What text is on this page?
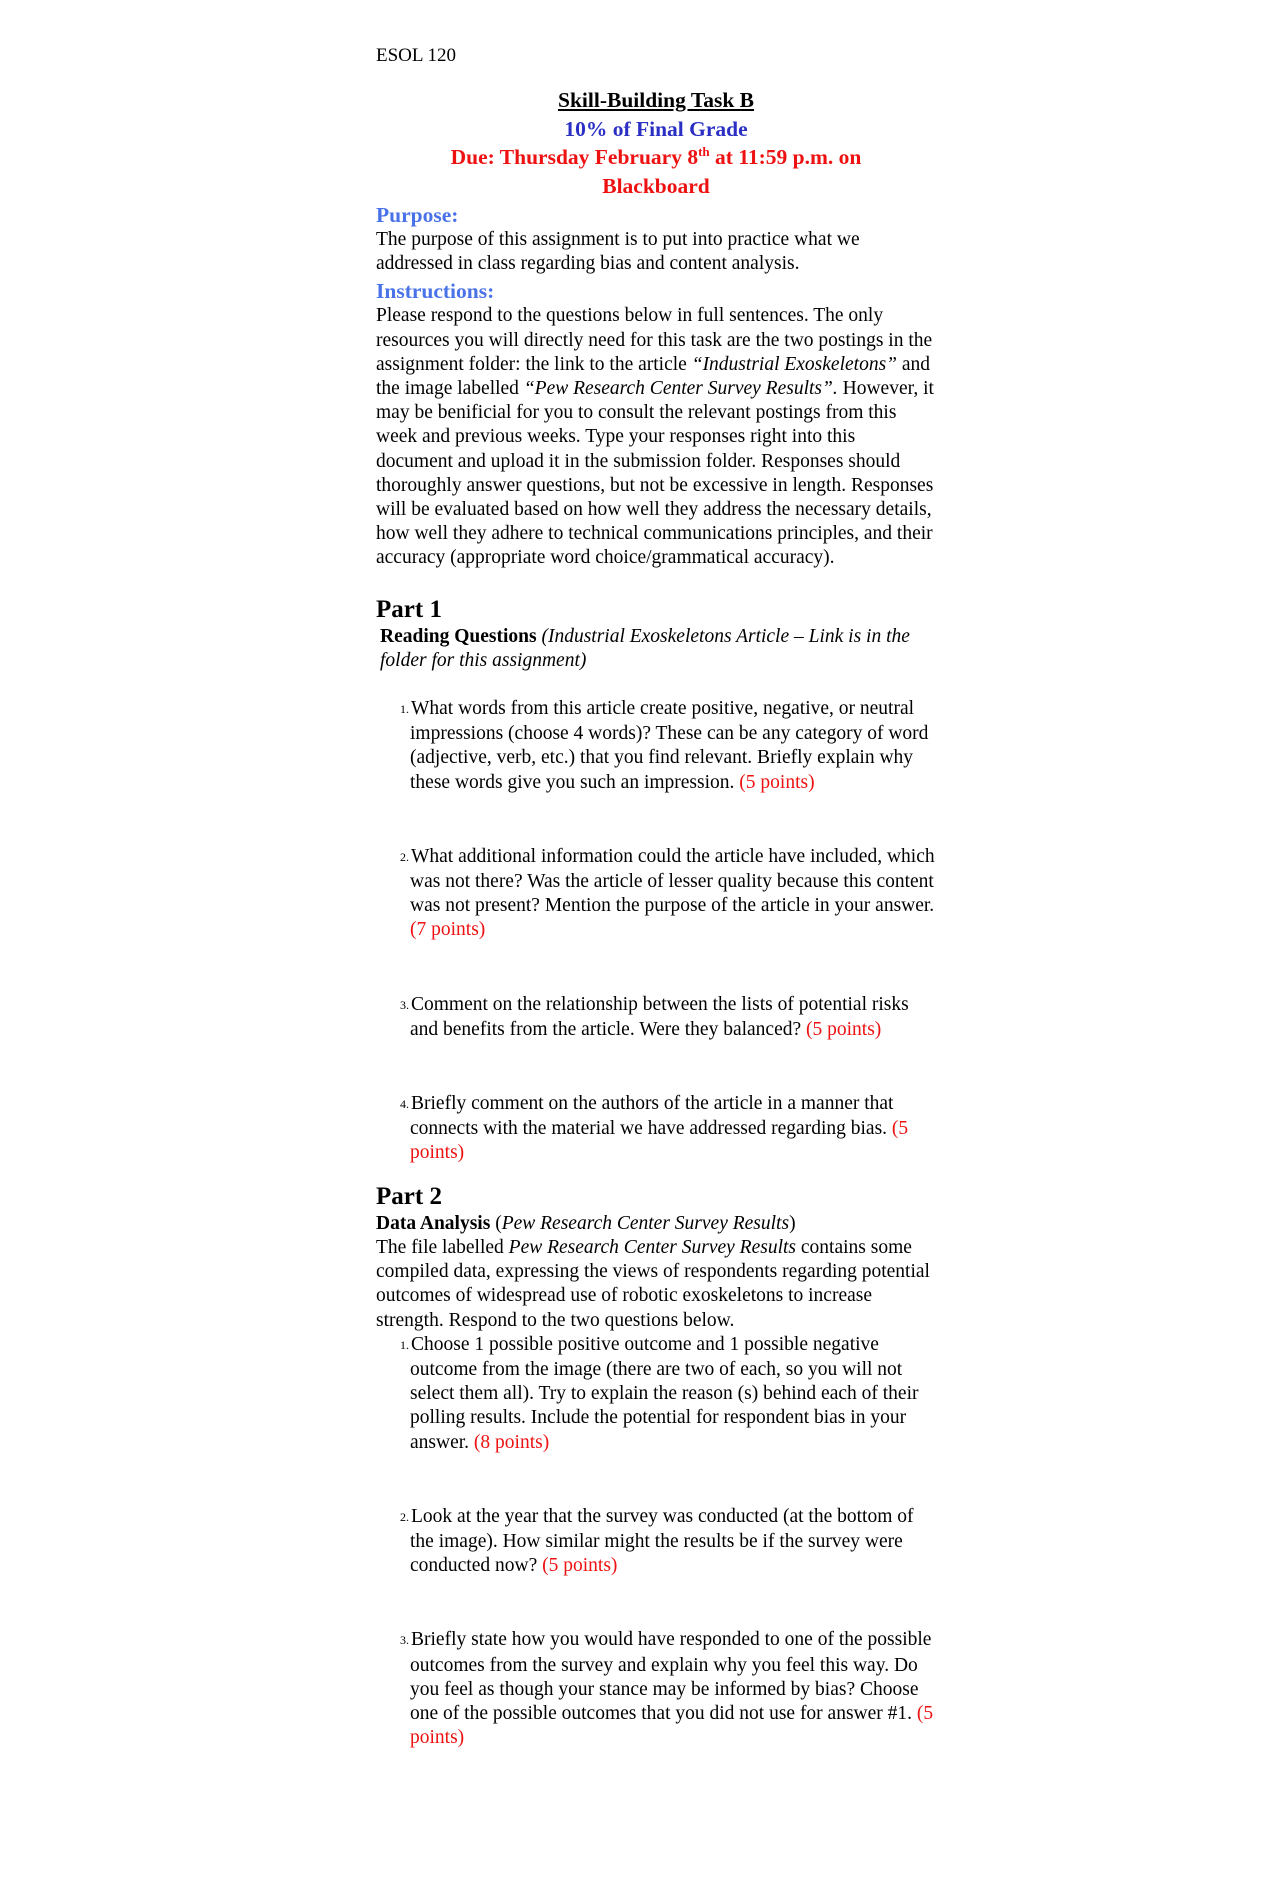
ESOL 120
Skill-Building Task B
10% of Final Grade
Due: Thursday February 8th at 11:59 p.m. on
Blackboard
Purpose:

The purpose of this assignment is to put into practice what we addressed in class regarding bias and content analysis.

Instructions:

Please respond to the questions below in full sentences. The only resources you will directly need for this task are the two postings in the assignment folder: the link to the article “Industrial Exoskeletons” and the image labelled “Pew Research Center Survey Results”. However, it may be benificial for you to consult the relevant postings from this week and previous weeks. Type your responses right into this document and upload it in the submission folder. Responses should thoroughly answer questions, but not be excessive in length. Responses will be evaluated based on how well they address the necessary details, how well they adhere to technical communications principles, and their accuracy (appropriate word choice/grammatical accuracy).

Part 1

Reading Questions (Industrial Exoskeletons Article – Link is in the folder for this assignment)

1. What words from this article create positive, negative, or neutral impressions (choose 4 words)? These can be any category of word (adjective, verb, etc.) that you find relevant. Briefly explain why these words give you such an impression. (5 points)

2. What additional information could the article have included, which was not there? Was the article of lesser quality because this content was not present? Mention the purpose of the article in your answer. (7 points)

3. Comment on the relationship between the lists of potential risks and benefits from the article. Were they balanced? (5 points)

4. Briefly comment on the authors of the article in a manner that connects with the material we have addressed regarding bias. (5 points)

Part 2

Data Analysis (Pew Research Center Survey Results)

The file labelled Pew Research Center Survey Results contains some compiled data, expressing the views of respondents regarding potential outcomes of widespread use of robotic exoskeletons to increase strength. Respond to the two questions below.

1. Choose 1 possible positive outcome and 1 possible negative outcome from the image (there are two of each, so you will not select them all). Try to explain the reason (s) behind each of their polling results. Include the potential for respondent bias in your answer. (8 points)

2. Look at the year that the survey was conducted (at the bottom of the image). How similar might the results be if the survey were conducted now? (5 points)

3. Briefly state how you would have responded to one of the possible outcomes from the survey and explain why you feel this way. Do you feel as though your stance may be informed by bias? Choose one of the possible outcomes that you did not use for answer #1. (5 points)
